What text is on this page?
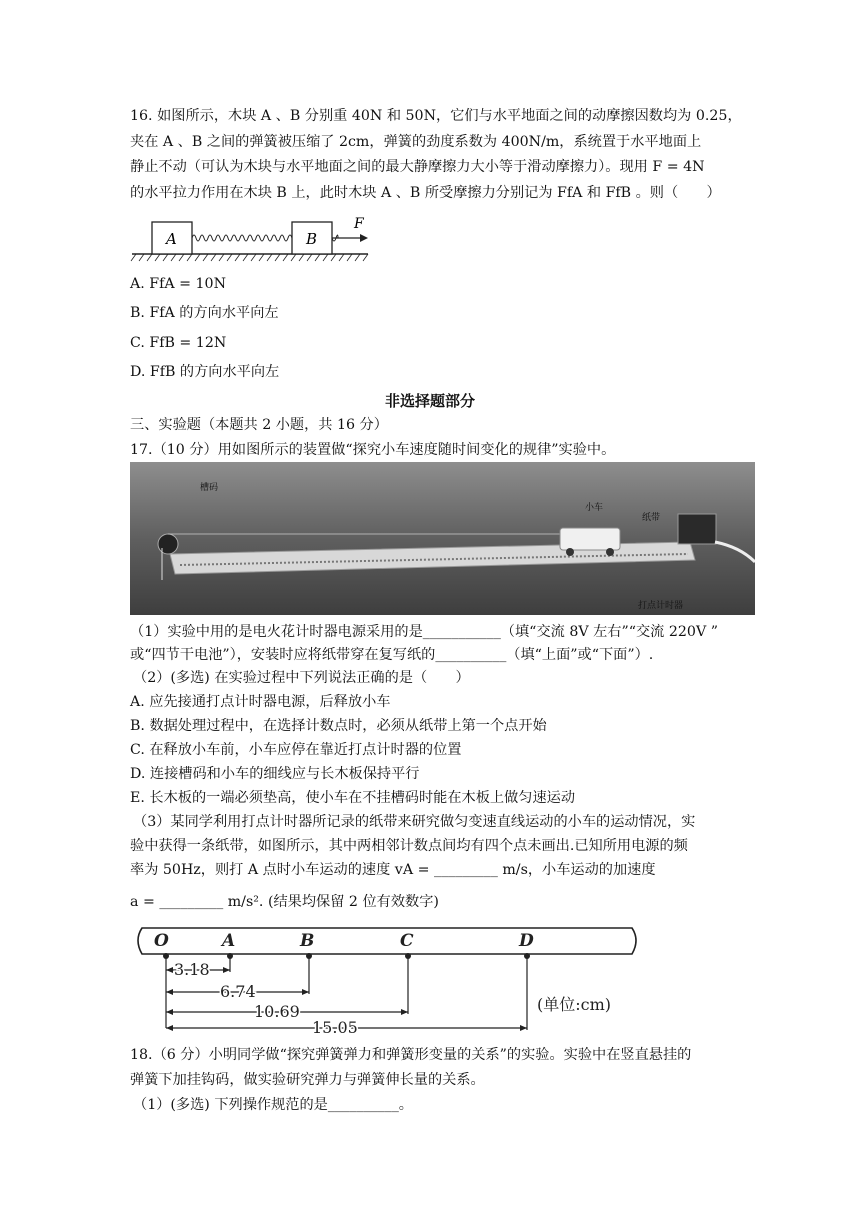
16. 如图所示，木块 A 、B 分别重 40N 和 50N，它们与水平地面之间的动摩擦因数均为 0.25，
夹在 A 、B 之间的弹簧被压缩了 2cm，弹簧的劲度系数为 400N/m，系统置于水平地面上
静止不动（可认为木块与水平地面之间的最大静摩擦力大小等于滑动摩擦力）。现用 F = 4N
的水平拉力作用在木块 B 上，此时木块 A 、B 所受摩擦力分别记为 FfA 和 FfB 。则（　　）
A	B
F
A. FfA = 10N
B. FfA 的方向水平向左
C. FfB = 12N
D. FfB 的方向水平向左
非选择题部分
三、实验题（本题共 2 小题，共 16 分）
17.（10 分）用如图所示的装置做“探究小车速度随时间变化的规律”实验中。
槽码
小车
纸带
打点计时器
（1）实验中用的是电火花计时器电源采用的是___________（填“交流 8V 左右”“交流 220V ”
或“四节干电池”），安装时应将纸带穿在复写纸的__________（填“上面”或“下面”）.
（2）(多选) 在实验过程中下列说法正确的是（　　）
A. 应先接通打点计时器电源，后释放小车
B. 数据处理过程中，在选择计数点时，必须从纸带上第一个点开始
C. 在释放小车前，小车应停在靠近打点计时器的位置
D. 连接槽码和小车的细线应与长木板保持平行
E. 长木板的一端必须垫高，使小车在不挂槽码时能在木板上做匀速运动
（3）某同学利用打点计时器所记录的纸带来研究做匀变速直线运动的小车的运动情况，实
验中获得一条纸带，如图所示，其中两相邻计数点间均有四个点未画出.已知所用电源的频
率为 50Hz，则打 A 点时小车运动的速度 vA = _________ m/s，小车运动的加速度
a = _________ m/s². (结果均保留 2 位有效数字)
O	A	B	C	D
3.18
6.74
10.69
15.05
(单位:cm)
18.（6 分）小明同学做“探究弹簧弹力和弹簧形变量的关系”的实验。实验中在竖直悬挂的
弹簧下加挂钩码，做实验研究弹力与弹簧伸长量的关系。
（1）(多选) 下列操作规范的是__________。
